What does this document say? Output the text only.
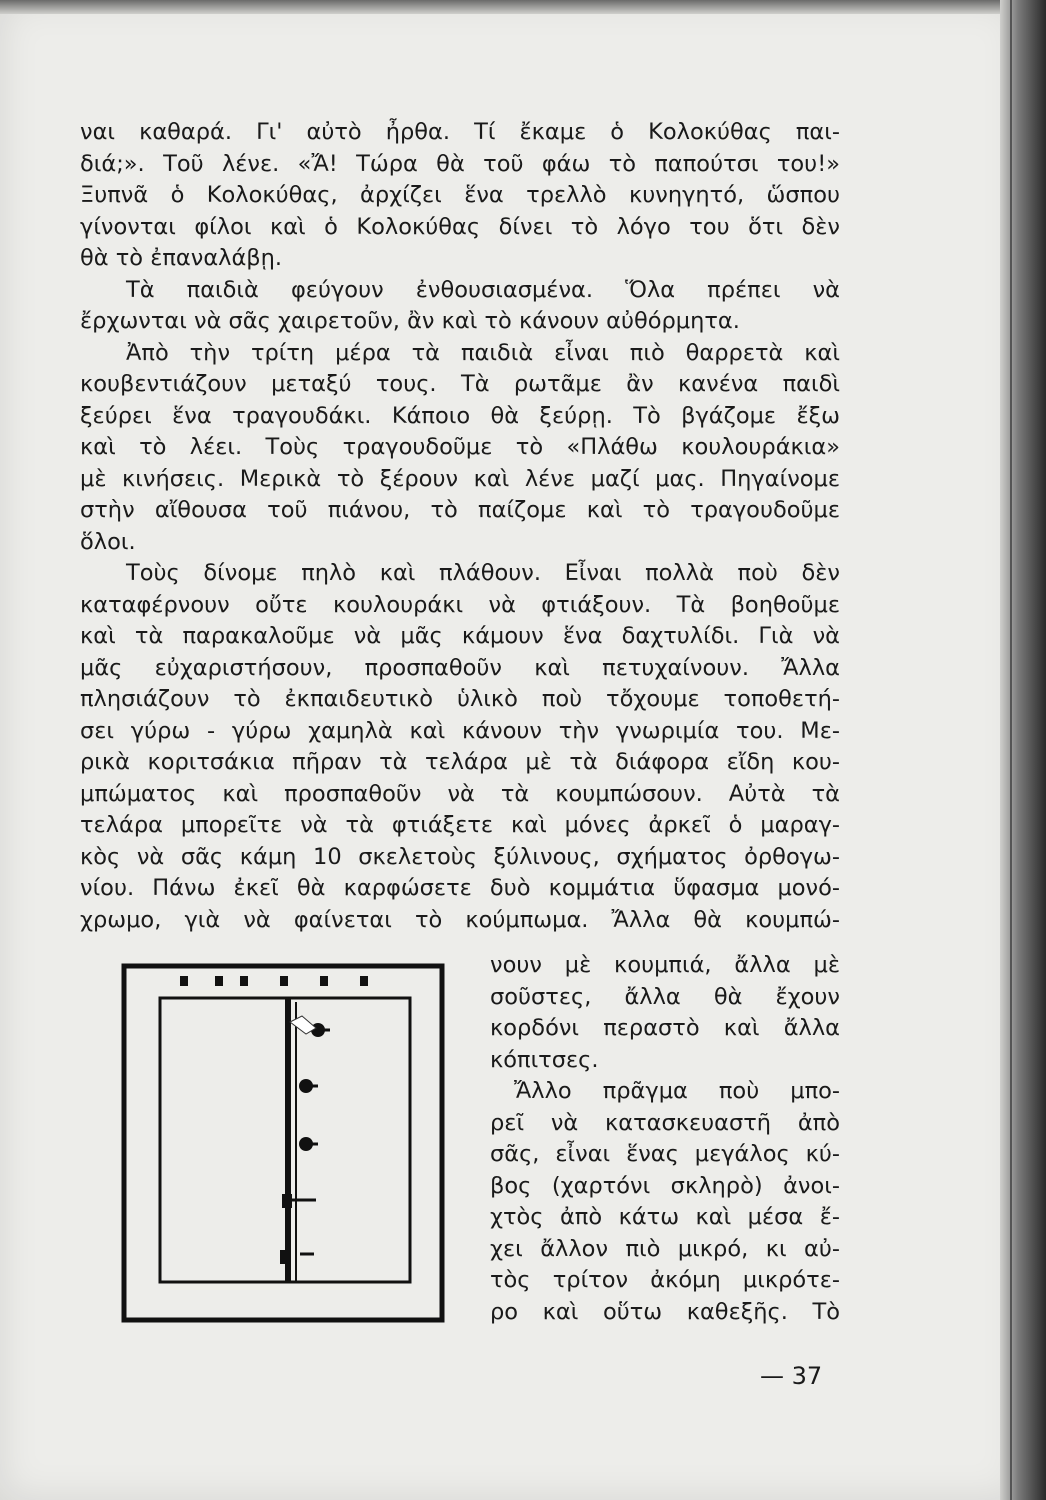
ναι καθαρά. Γι' αὐτὸ ἦρθα. Τί ἔκαμε ὁ Κολοκύθας παι-
διά;». Τοῦ λένε. «Ἄ! Τώρα θὰ τοῦ φάω τὸ παπούτσι του!»
Ξυπνᾶ ὁ Κολοκύθας, ἀρχίζει ἕνα τρελλὸ κυνηγητό, ὥσπου
γίνονται φίλοι καὶ ὁ Κολοκύθας δίνει τὸ λόγο του ὅτι δὲν
θὰ τὸ ἐπαναλάβῃ.

Τὰ παιδιὰ φεύγουν ἐνθουσιασμένα. Ὅλα πρέπει νὰ
ἔρχωνται νὰ σᾶς χαιρετοῦν, ἂν καὶ τὸ κάνουν αὐθόρμητα.

Ἀπὸ τὴν τρίτη μέρα τὰ παιδιὰ εἶναι πιὸ θαρρετὰ καὶ
κουβεντιάζουν μεταξύ τους. Τὰ ρωτᾶμε ἂν κανένα παιδὶ
ξεύρει ἕνα τραγουδάκι. Κάποιο θὰ ξεύρῃ. Τὸ βγάζομε ἔξω
καὶ τὸ λέει. Τοὺς τραγουδοῦμε τὸ «Πλάθω κουλουράκια»
μὲ κινήσεις. Μερικὰ τὸ ξέρουν καὶ λένε μαζί μας. Πηγαίνομε
στὴν αἴθουσα τοῦ πιάνου, τὸ παίζομε καὶ τὸ τραγουδοῦμε
ὅλοι.

Τοὺς δίνομε πηλὸ καὶ πλάθουν. Εἶναι πολλὰ ποὺ δὲν
καταφέρνουν οὔτε κουλουράκι νὰ φτιάξουν. Τὰ βοηθοῦμε
καὶ τὰ παρακαλοῦμε νὰ μᾶς κάμουν ἕνα δαχτυλίδι. Γιὰ νὰ
μᾶς εὐχαριστήσουν, προσπαθοῦν καὶ πετυχαίνουν. Ἄλλα
πλησιάζουν τὸ ἐκπαιδευτικὸ ὑλικὸ ποὺ τὄχουμε τοποθετή-
σει γύρω - γύρω χαμηλὰ καὶ κάνουν τὴν γνωριμία του. Με-
ρικὰ κοριτσάκια πῆραν τὰ τελάρα μὲ τὰ διάφορα εἴδη κου-
μπώματος καὶ προσπαθοῦν νὰ τὰ κουμπώσουν. Αὐτὰ τὰ
τελάρα μπορεῖτε νὰ τὰ φτιάξετε καὶ μόνες ἀρκεῖ ὁ μαραγ-
κὸς νὰ σᾶς κάμη 10 σκελετοὺς ξύλινους, σχήματος ὀρθογω-
νίου. Πάνω ἐκεῖ θὰ καρφώσετε δυὸ κομμάτια ὕφασμα μονό-
χρωμο, γιὰ νὰ φαίνεται τὸ κούμπωμα. Ἄλλα θὰ κουμπώ-

νουν μὲ κουμπιά, ἄλλα μὲ
σοῦστες, ἄλλα θὰ ἔχουν
κορδόνι περαστὸ καὶ ἄλλα
κόπιτσες.
Ἄλλο πρᾶγμα ποὺ μπο-
ρεῖ νὰ κατασκευαστῆ ἀπὸ
σᾶς, εἶναι ἕνας μεγάλος κύ-
βος (χαρτόνι σκληρὸ) ἀνοι-
χτὸς ἀπὸ κάτω καὶ μέσα ἔ-
χει ἄλλον πιὸ μικρό, κι αὐ-
τὸς τρίτον ἀκόμη μικρότε-
ρο καὶ οὕτω καθεξῆς. Τὸ
— 37
